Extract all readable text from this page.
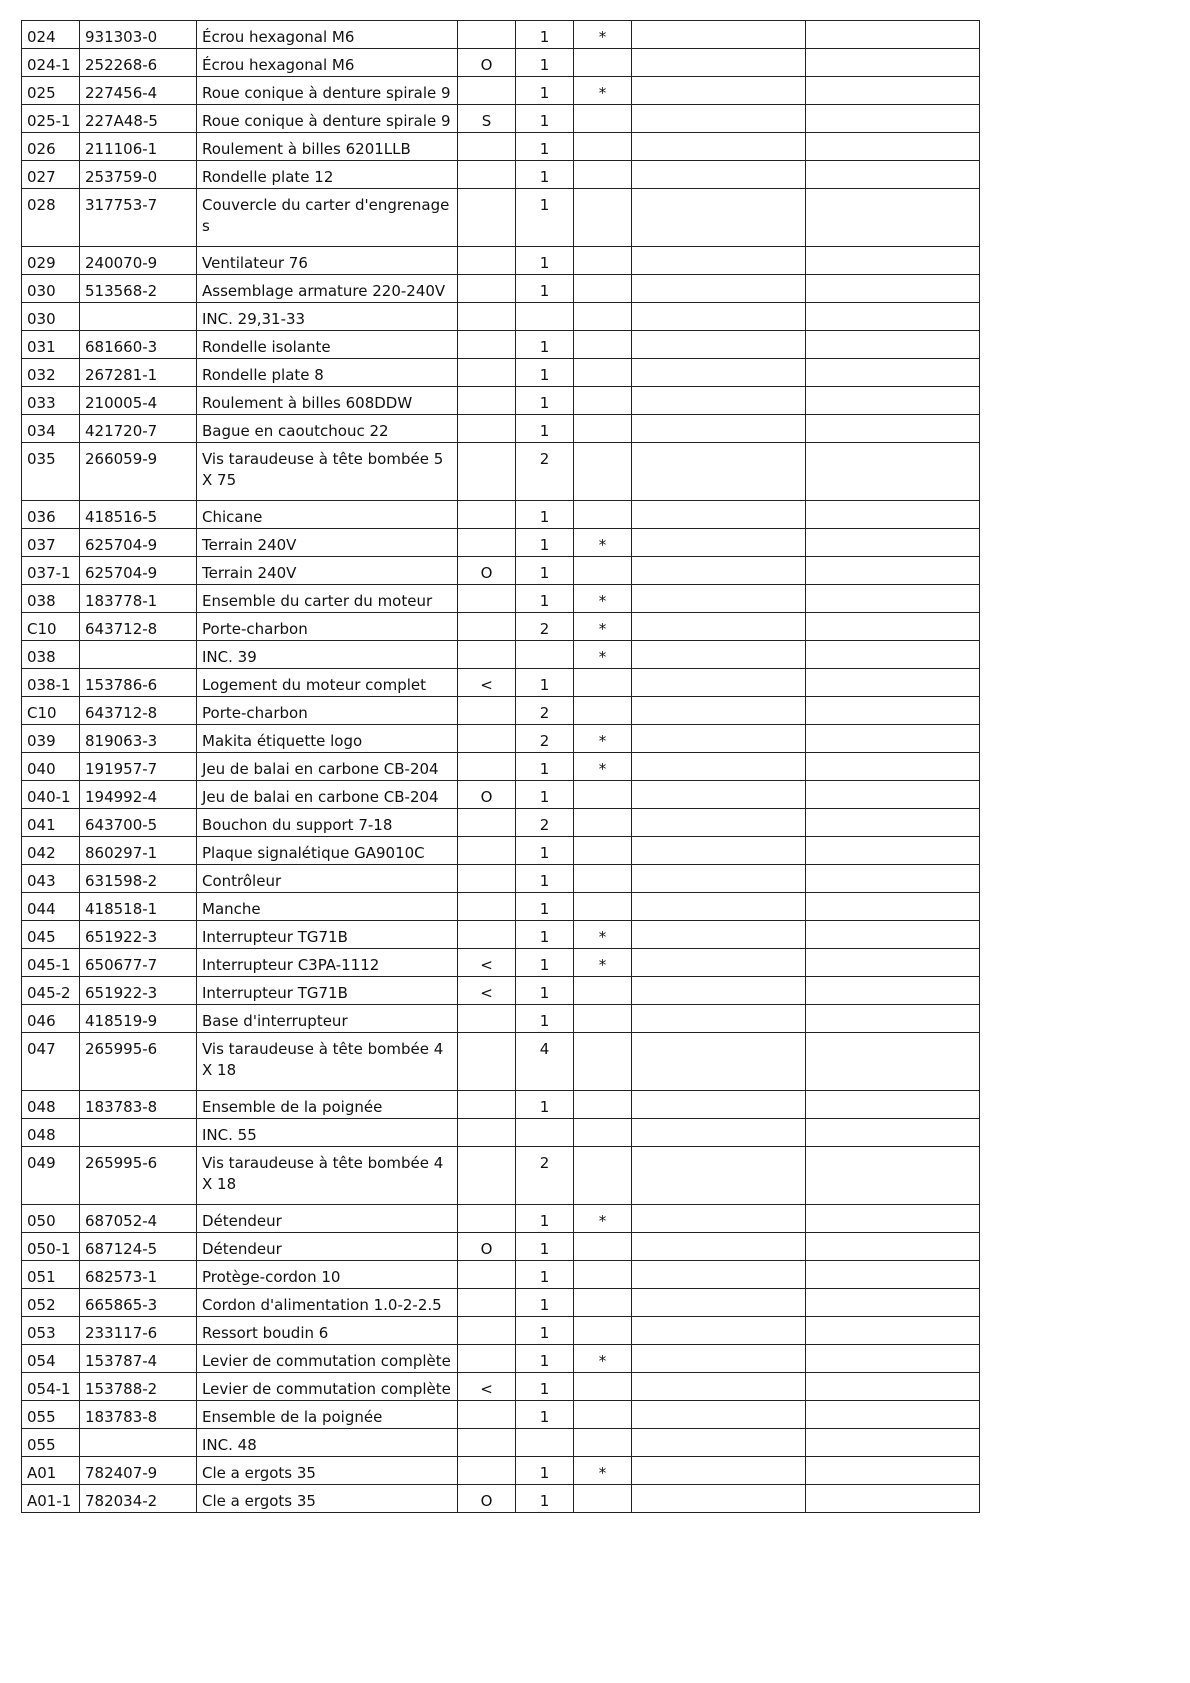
024	931303-0	Écrou hexagonal M6		1	*		
024-1	252268-6	Écrou hexagonal M6	O	1			
025	227456-4	Roue conique à denture spirale 9		1	*		
025-1	227A48-5	Roue conique à denture spirale 9	S	1			
026	211106-1	Roulement à billes 6201LLB		1			
027	253759-0	Rondelle plate 12		1			
028	317753-7	Couvercle du carter d'engrenage s		1			
029	240070-9	Ventilateur 76		1			
030	513568-2	Assemblage armature 220-240V		1			
030		INC. 29,31-33					
031	681660-3	Rondelle isolante		1			
032	267281-1	Rondelle plate 8		1			
033	210005-4	Roulement à billes 608DDW		1			
034	421720-7	Bague en caoutchouc 22		1			
035	266059-9	Vis taraudeuse à tête bombée 5X 75		2			
036	418516-5	Chicane		1			
037	625704-9	Terrain 240V		1	*		
037-1	625704-9	Terrain 240V	O	1			
038	183778-1	Ensemble du carter du moteur		1	*		
C10	643712-8	Porte-charbon		2	*		
038		INC. 39			*		
038-1	153786-6	Logement du moteur complet	<	1			
C10	643712-8	Porte-charbon		2			
039	819063-3	Makita étiquette logo		2	*		
040	191957-7	Jeu de balai en carbone CB-204		1	*		
040-1	194992-4	Jeu de balai en carbone CB-204	O	1			
041	643700-5	Bouchon du support 7-18		2			
042	860297-1	Plaque signalétique GA9010C		1			
043	631598-2	Contrôleur		1			
044	418518-1	Manche		1			
045	651922-3	Interrupteur TG71B		1	*		
045-1	650677-7	Interrupteur C3PA-1112	<	1	*		
045-2	651922-3	Interrupteur TG71B	<	1			
046	418519-9	Base d'interrupteur		1			
047	265995-6	Vis taraudeuse à tête bombée 4X 18		4			
048	183783-8	Ensemble de la poignée		1			
048		INC. 55					
049	265995-6	Vis taraudeuse à tête bombée 4X 18		2			
050	687052-4	Détendeur		1	*		
050-1	687124-5	Détendeur	O	1			
051	682573-1	Protège-cordon 10		1			
052	665865-3	Cordon d'alimentation 1.0-2-2.5		1			
053	233117-6	Ressort boudin 6		1			
054	153787-4	Levier de commutation complète		1	*		
054-1	153788-2	Levier de commutation complète	<	1			
055	183783-8	Ensemble de la poignée		1			
055		INC. 48					
A01	782407-9	Cle a ergots 35		1	*		
A01-1	782034-2	Cle a ergots 35	O	1			
